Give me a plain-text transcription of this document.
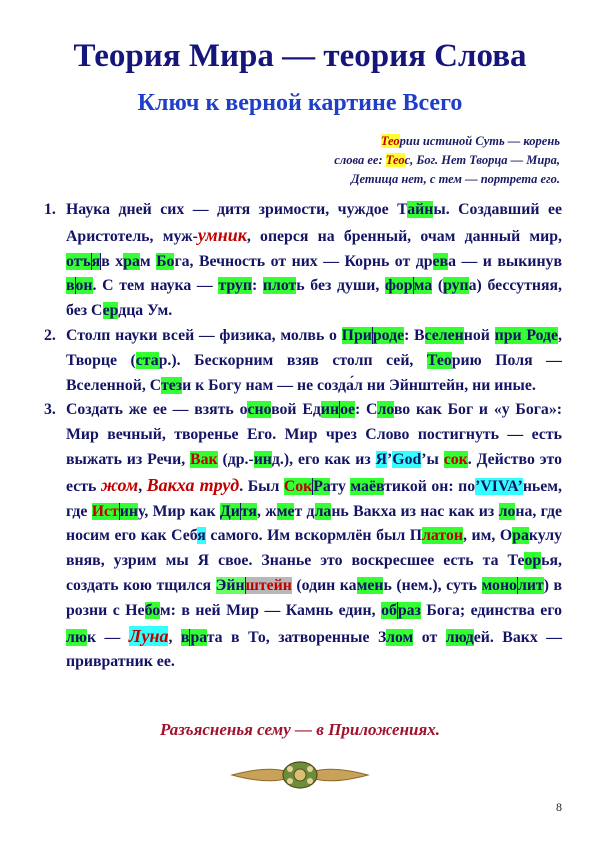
Теория Мира — теория Слова
Ключ к верной картине Всего
Теории истиной Суть — корень
слова ее: Теос, Бог. Нет Творца — Мира,
Детища нет, с тем — портрета его.
1. Наука дней сих — дитя зримости, чуждое Тайны. Создавший ее Аристотель, муж-умник, оперся на бренный, очам данный мир, отъяв храм Бога, Вечность от них — Корнь от древа — и выкинув вон. С тем наука — труп: плоть без души, форма (рупа) бессутняя, без Сердца Ум.
2. Столп науки всей — физика, молвь о Природе: Вселенной при Роде, Творце (стар.). Бескорним взяв столп сей, Теорию Поля — Вселенной, Стези к Богу нам — не созда́л ни Эйнштейн, ни иные.
3. Создать же ее — взять основой Единое: Слово как Бог и «у Бога»: Мир вечный, творенье Его. Мир чрез Слово постигнуть — есть выжать из Речи, Вак (др.-инд.), его как из Я’God’ы сок. Действо это есть жом, Вакха труд. Был СокРату маёвтикой он: по’VIVA’ньем, где Истину, Мир как Дитя, жмет длань Вакха из нас как из лона, где носим его как Себя самого. Им вскормлён был Платон, им, Оракулу вняв, узрим мы Я свое. Знанье это воскресшее есть та Теорья, создать кою тщился Эйнштейн (один камень (нем.), суть монолит) в розни с Небом: в ней Мир — Камнь един, образ Бога; единства его люк — Луна, врата в То, затворенные Злом от людей. Вакх — привратник ее.
Разъясненья сему — в Приложениях.
8
